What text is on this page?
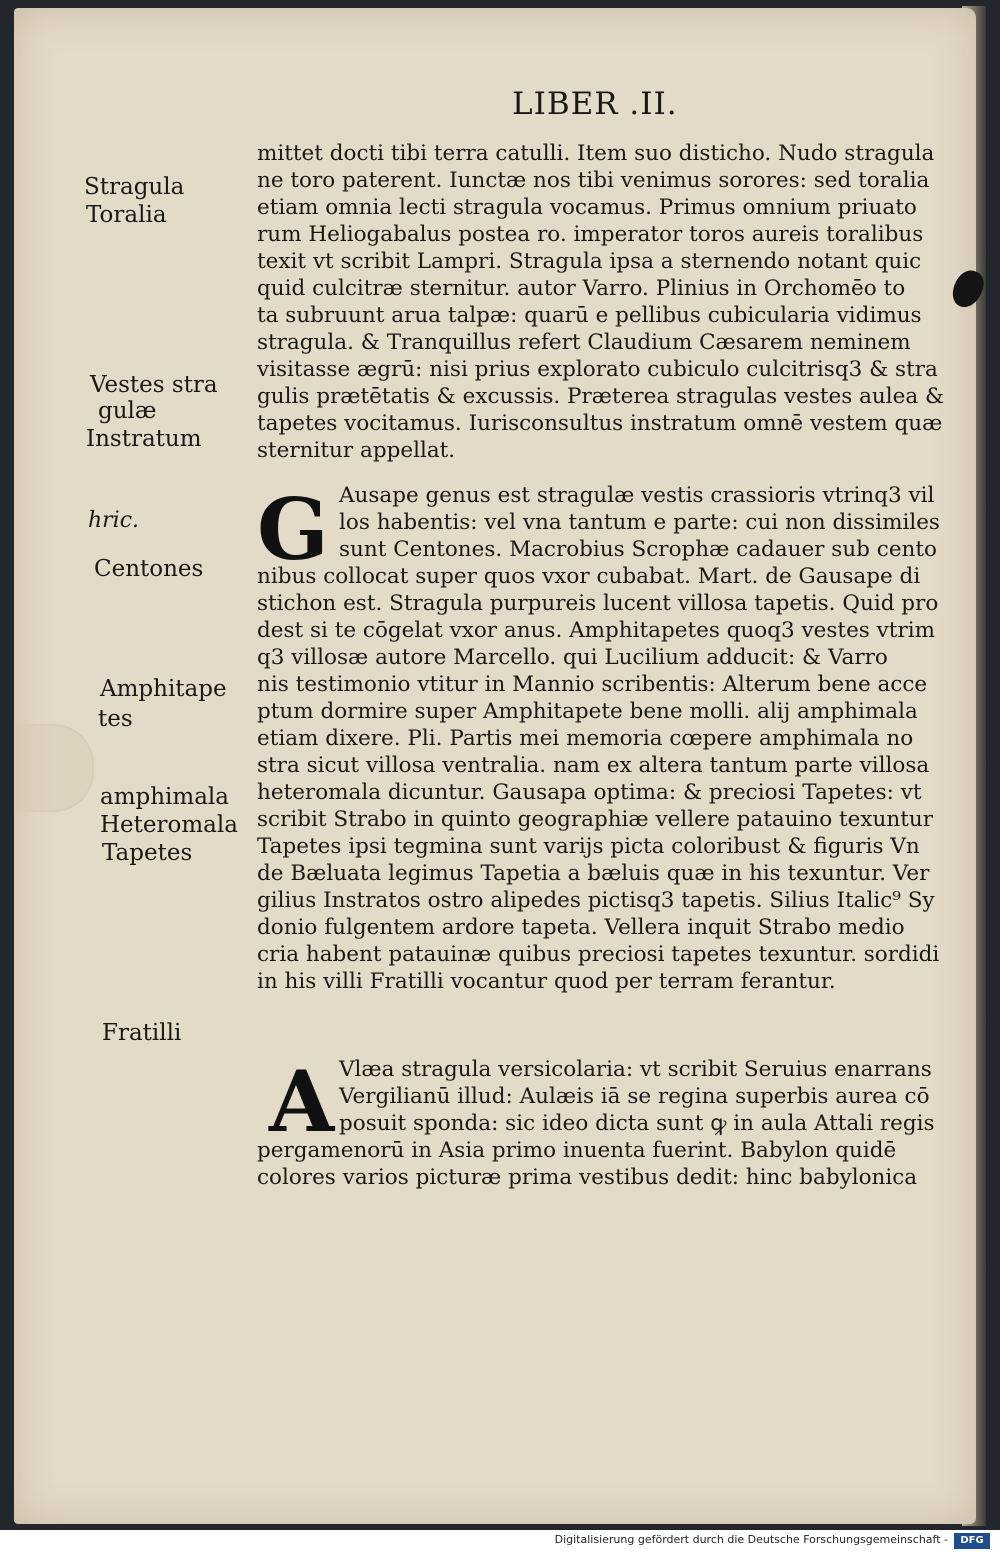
LIBER .II.
Stragula
Toralia
Vestes stra
gulæ
Instratum
hric.
Centones
Amphitape
tes
amphimala
Heteromala
Tapetes
Fratilli
mittet docti tibi terra catulli. Item suo disticho. Nudo stragula
ne toro paterent. Iunctæ nos tibi venimus sorores: sed toralia
etiam omnia lecti stragula vocamus. Primus omnium priuato
rum Heliogabalus postea ro. imperator toros aureis toralibus
texit vt scribit Lampri. Stragula ipsa a sternendo notant quic
quid culcitræ sternitur. autor Varro. Plinius in Orchomēo to
ta subruunt arua talpæ: quarū e pellibus cubicularia vidimus
stragula. & Tranquillus refert Claudium Cæsarem neminem
visitasse ægrū: nisi prius explorato cubiculo culcitrisq3 & stra
gulis prætētatis & excussis. Præterea stragulas vestes aulea &
tapetes vocitamus. Iurisconsultus instratum omnē vestem quæ
sternitur appellat.
G Ausape genus est stragulæ vestis crassioris vtrinq3 vil
los habentis: vel vna tantum e parte: cui non dissimiles
sunt Centones. Macrobius Scrophæ cadauer sub cento
nibus collocat super quos vxor cubabat. Mart. de Gausape di
stichon est. Stragula purpureis lucent villosa tapetis. Quid pro
dest si te cōgelat vxor anus. Amphitapetes quoq3 vestes vtrim
q3 villosæ autore Marcello. qui Lucilium adducit: & Varro
nis testimonio vtitur in Mannio scribentis: Alterum bene acce
ptum dormire super Amphitapete bene molli. alij amphimala
etiam dixere. Pli. Partis mei memoria cœpere amphimala no
stra sicut villosa ventralia. nam ex altera tantum parte villosa
heteromala dicuntur. Gausapa optima: & preciosi Tapetes: vt
scribit Strabo in quinto geographiæ vellere patauino texuntur
Tapetes ipsi tegmina sunt varijs picta coloribust & figuris Vn
de Bæluata legimus Tapetia a bæluis quæ in his texuntur. Ver
gilius Instratos ostro alipedes pictisq3 tapetis. Silius Italic⁹ Sy
donio fulgentem ardore tapeta. Vellera inquit Strabo medio
cria habent patauinæ quibus preciosi tapetes texuntur. sordidi
in his villi Fratilli vocantur quod per terram ferantur.
A Vlæa stragula versicolaria: vt scribit Seruius enarrans
Vergilianū illud: Aulæis iā se regina superbis aurea cō
posuit sponda: sic ideo dicta sunt ꝙ in aula Attali regis
pergamenorū in Asia primo inuenta fuerint. Babylon quidē
colores varios picturæ prima vestibus dedit: hinc babylonica
Digitalisierung gefördert durch die Deutsche Forschungsgemeinschaft -	DFG
